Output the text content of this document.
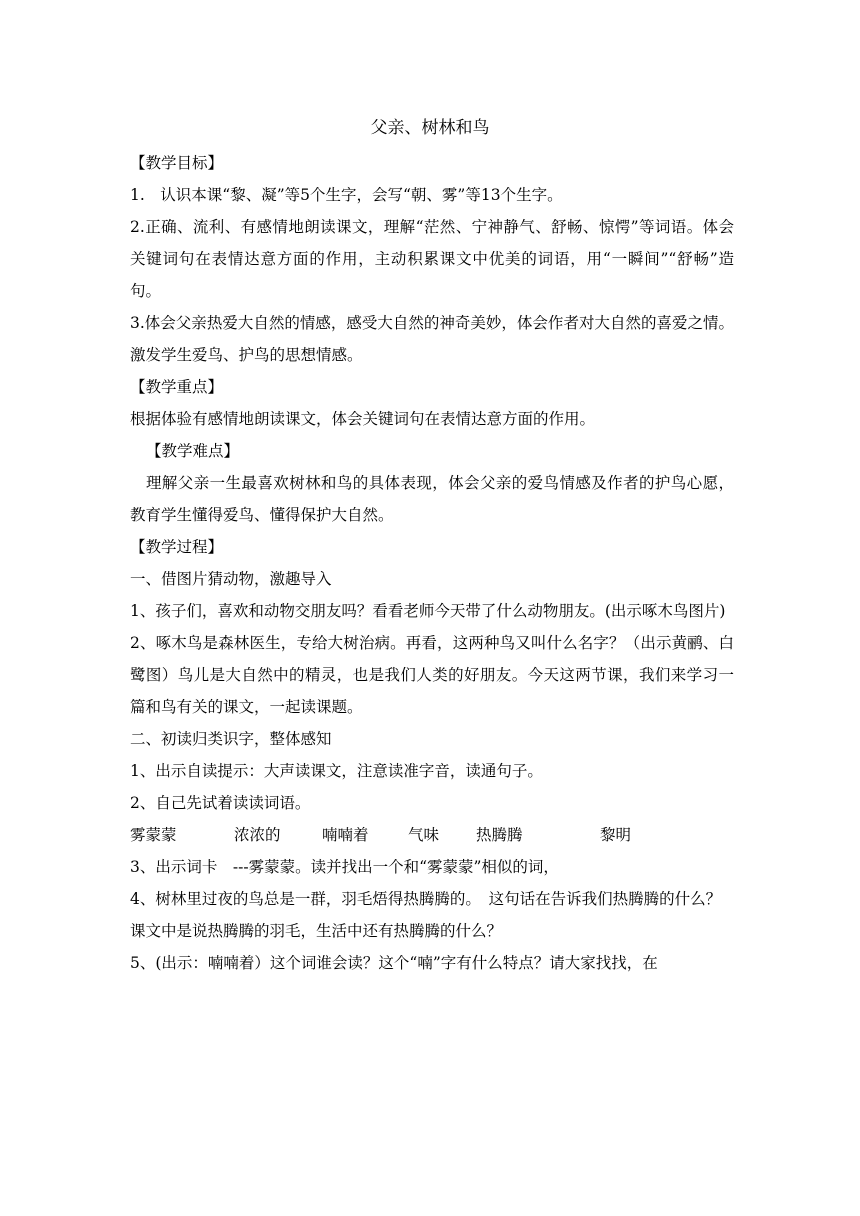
父亲、树林和鸟

【教学目标】

1.　认识本课“黎、凝”等5个生字，会写“朝、雾”等13个生字。

2.正确、流利、有感情地朗读课文，理解“茫然、宁神静气、舒畅、惊愕”等词语。体会关键词句在表情达意方面的作用，主动积累课文中优美的词语，用“一瞬间”“舒畅”造句。

3.体会父亲热爱大自然的情感，感受大自然的神奇美妙，体会作者对大自然的喜爱之情。激发学生爱鸟、护鸟的思想情感。

【教学重点】

根据体验有感情地朗读课文，体会关键词句在表情达意方面的作用。

【教学难点】

理解父亲一生最喜欢树林和鸟的具体表现，体会父亲的爱鸟情感及作者的护鸟心愿，教育学生懂得爱鸟、懂得保护大自然。

【教学过程】

一、借图片猜动物，激趣导入

1、孩子们，喜欢和动物交朋友吗？看看老师今天带了什么动物朋友。(出示啄木鸟图片)

2、啄木鸟是森林医生，专给大树治病。再看，这两种鸟又叫什么名字？（出示黄鹂、白鹭图）鸟儿是大自然中的精灵，也是我们人类的好朋友。今天这两节课，我们来学习一篇和鸟有关的课文，一起读课题。

二、初读归类识字，整体感知

1、出示自读提示：大声读课文，注意读准字音，读通句子。

2、自己先试着读读词语。

雾蒙蒙	浓浓的	喃喃着	气味 热腾腾	黎明

3、出示词卡　---雾蒙蒙。读并找出一个和“雾蒙蒙”相似的词，

4、树林里过夜的鸟总是一群，羽毛焐得热腾腾的。　这句话在告诉我们热腾腾的什么？

课文中是说热腾腾的羽毛，生活中还有热腾腾的什么？

5、(出示：喃喃着）这个词谁会读？这个“喃”字有什么特点？请大家找找，在
